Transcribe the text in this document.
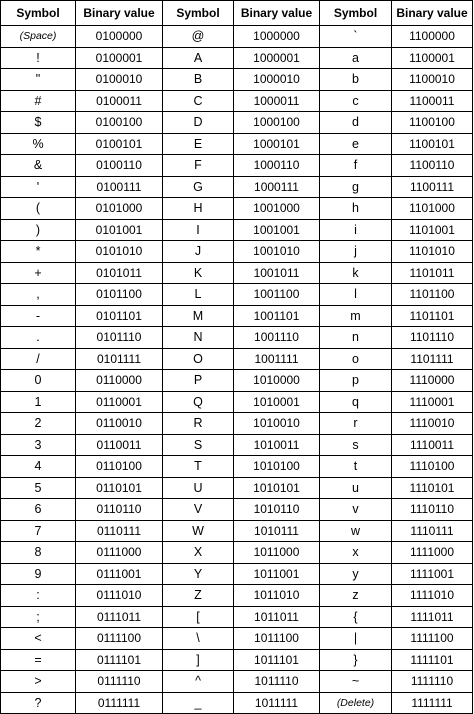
Symbol	Binary value	Symbol	Binary value	Symbol	Binary value
(Space)	0100000	@	1000000	`	1100000
!	0100001	A	1000001	a	1100001
"	0100010	B	1000010	b	1100010
#	0100011	C	1000011	c	1100011
$	0100100	D	1000100	d	1100100
%	0100101	E	1000101	e	1100101
&	0100110	F	1000110	f	1100110
'	0100111	G	1000111	g	1100111
(	0101000	H	1001000	h	1101000
)	0101001	I	1001001	i	1101001
*	0101010	J	1001010	j	1101010
+	0101011	K	1001011	k	1101011
,	0101100	L	1001100	l	1101100
-	0101101	M	1001101	m	1101101
.	0101110	N	1001110	n	1101110
/	0101111	O	1001111	o	1101111
0	0110000	P	1010000	p	1110000
1	0110001	Q	1010001	q	1110001
2	0110010	R	1010010	r	1110010
3	0110011	S	1010011	s	1110011
4	0110100	T	1010100	t	1110100
5	0110101	U	1010101	u	1110101
6	0110110	V	1010110	v	1110110
7	0110111	W	1010111	w	1110111
8	0111000	X	1011000	x	1111000
9	0111001	Y	1011001	y	1111001
:	0111010	Z	1011010	z	1111010
;	0111011	[	1011011	{	1111011
<	0111100	\	1011100	|	1111100
=	0111101	]	1011101	}	1111101
>	0111110	^	1011110	~	1111110
?	0111111	_	1011111	(Delete)	1111111
